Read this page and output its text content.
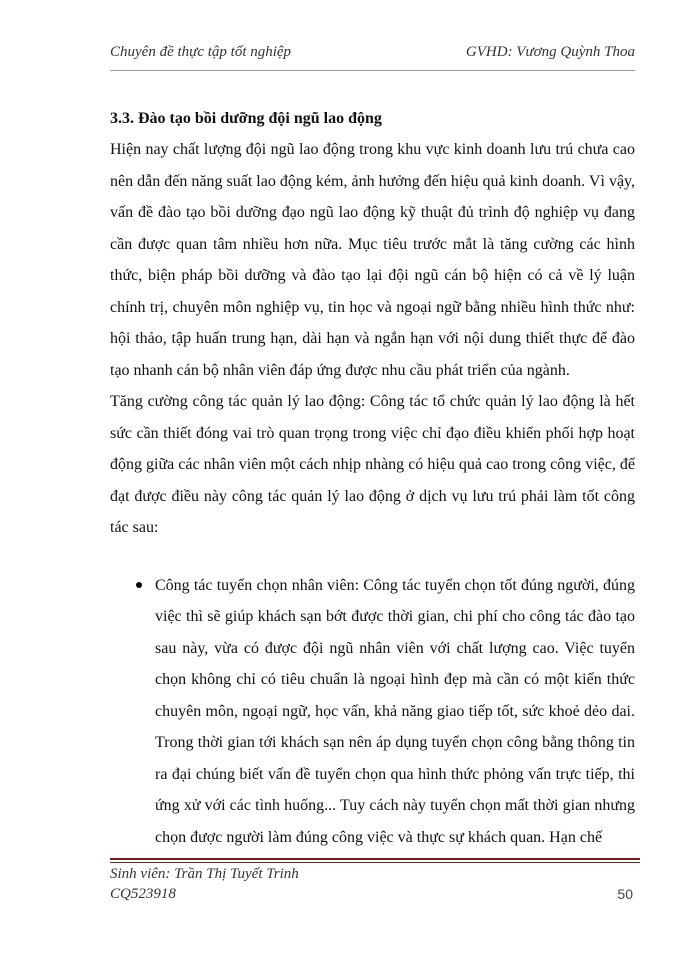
Chuyên đề thực tập tốt nghiệp	GVHD: Vương Quỳnh Thoa
3.3. Đào tạo bồi dưỡng đội ngũ lao động

Hiện nay chất lượng đội ngũ lao động trong khu vực kinh doanh lưu trú chưa cao nên dẫn đến năng suất lao động kém, ảnh hưởng đến hiệu quả kinh doanh. Vì vậy, vấn đề đào tạo bồi dưỡng đạo ngũ lao động kỹ thuật đủ trình độ nghiệp vụ đang cần được quan tâm nhiều hơn nữa. Mục tiêu trước mắt là tăng cường các hình thức, biện pháp bồi dưỡng và đào tạo lại đội ngũ cán bộ hiện có cả về lý luận chính trị, chuyên môn nghiệp vụ, tin học và ngoại ngữ bằng nhiều hình thức như: hội thảo, tập huấn trung hạn, dài hạn và ngắn hạn với nội dung thiết thực để đào tạo nhanh cán bộ nhân viên đáp ứng được nhu cầu phát triển của ngành.

Tăng cường công tác quản lý lao động: Công tác tổ chức quản lý lao động là hết sức cần thiết đóng vai trò quan trọng trong việc chỉ đạo điều khiển phối hợp hoạt động giữa các nhân viên một cách nhịp nhàng có hiệu quả cao trong công việc, để đạt được điều này công tác quản lý lao động ở dịch vụ lưu trú phải làm tốt công tác sau:

Công tác tuyển chọn nhân viên: Công tác tuyển chọn tốt đúng người, đúng việc thì sẽ giúp khách sạn bớt được thời gian, chi phí cho công tác đào tạo sau này, vừa có được đội ngũ nhân viên với chất lượng cao. Việc tuyển chọn không chỉ có tiêu chuẩn là ngoại hình đẹp mà cần có một kiến thức chuyên môn, ngoại ngữ, học vấn, khả năng giao tiếp tốt, sức khoẻ dẻo dai. Trong thời gian tới khách sạn nên áp dụng tuyển chọn công bằng thông tin ra đại chúng biết vấn đề tuyển chọn qua hình thức phỏng vấn trực tiếp, thi ứng xử với các tình huống... Tuy cách này tuyển chọn mất thời gian nhưng chọn được người làm đúng công việc và thực sự khách quan. Hạn chế

Sinh viên: Trần Thị Tuyết Trinh
CQ523918	50
